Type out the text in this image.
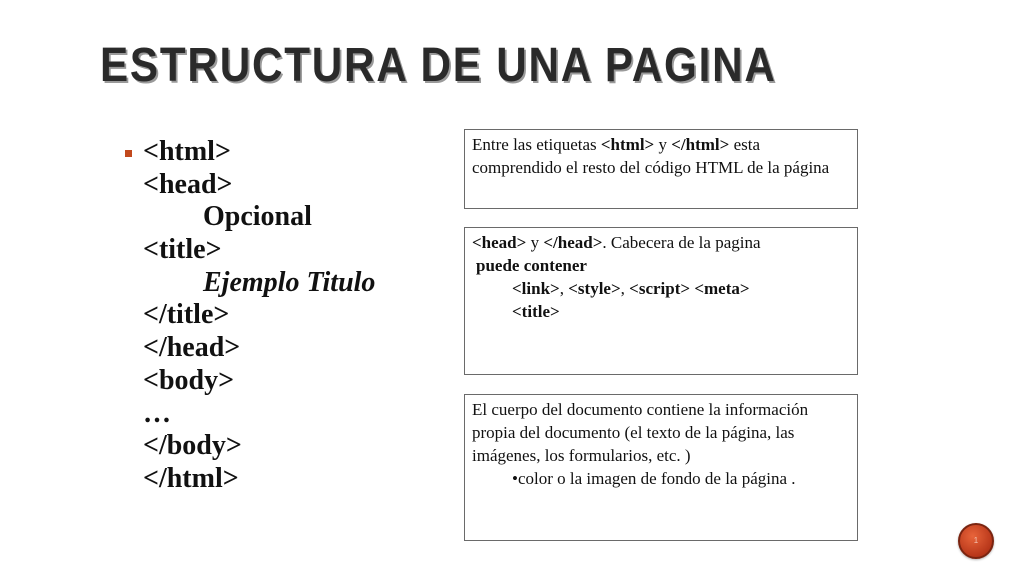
ESTRUCTURA DE UNA PAGINA
<html>
<head>
Opcional
<title>
Ejemplo Titulo
</title>
</head>
<body>
…
</body>
</html>
Entre las etiquetas <html> y </html> esta comprendido el resto del código HTML de la página
<head> y </head>. Cabecera de la pagina
puede contener
<link>, <style>, <script> <meta>
<title>
El cuerpo del documento contiene la información propia del documento (el texto de la página, las imágenes, los formularios, etc. )
•color o la imagen de fondo de la página .
1
